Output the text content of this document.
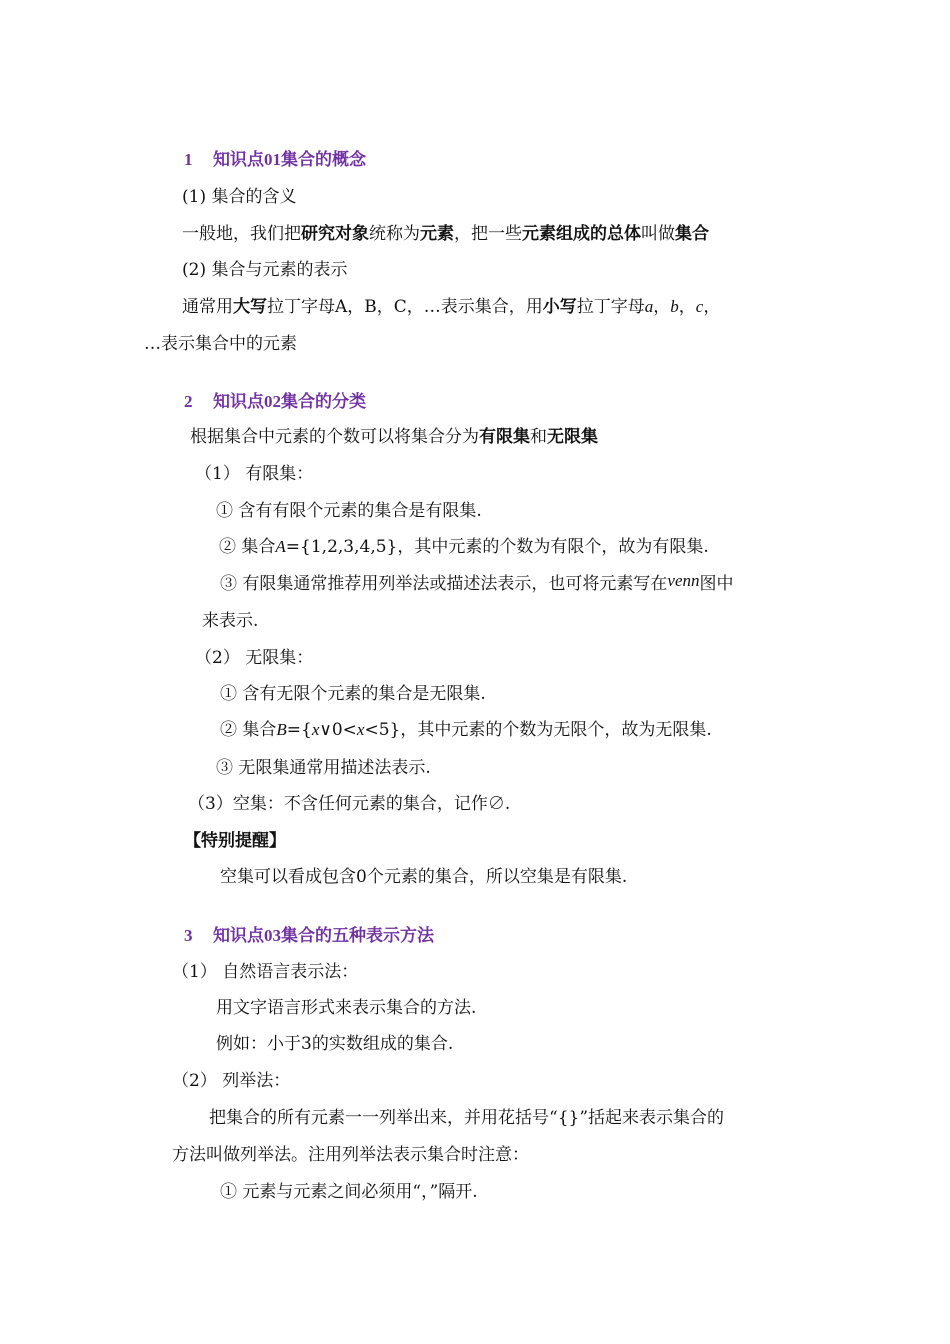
1 知识点01集合的概念
(1) 集合的含义
一般地，我们把研究对象统称为元素，把一些元素组成的总体叫做集合
(2) 集合与元素的表示
通常用大写拉丁字母A，B，C，…表示集合，用小写拉丁字母a，b，c，
…表示集合中的元素
2 知识点02集合的分类
根据集合中元素的个数可以将集合分为有限集和无限集
（1） 有限集：
① 含有有限个元素的集合是有限集.
② 集合A={1,2,3,4,5}，其中元素的个数为有限个，故为有限集.
③ 有限集通常推荐用列举法或描述法表示，也可将元素写在venn图中
来表示.
（2） 无限集：
① 含有无限个元素的集合是无限集.
② 集合B={x∨0<x<5}，其中元素的个数为无限个，故为无限集.
③ 无限集通常用描述法表示.
（3）空集：不含任何元素的集合，记作∅.
【特别提醒】
空集可以看成包含0个元素的集合，所以空集是有限集.
3 知识点03集合的五种表示方法
（1） 自然语言表示法：
用文字语言形式来表示集合的方法.
例如：小于3的实数组成的集合.
（2） 列举法：
把集合的所有元素一一列举出来，并用花括号“{}”括起来表示集合的
方法叫做列举法。注用列举法表示集合时注意：
① 元素与元素之间必须用“，”隔开.
